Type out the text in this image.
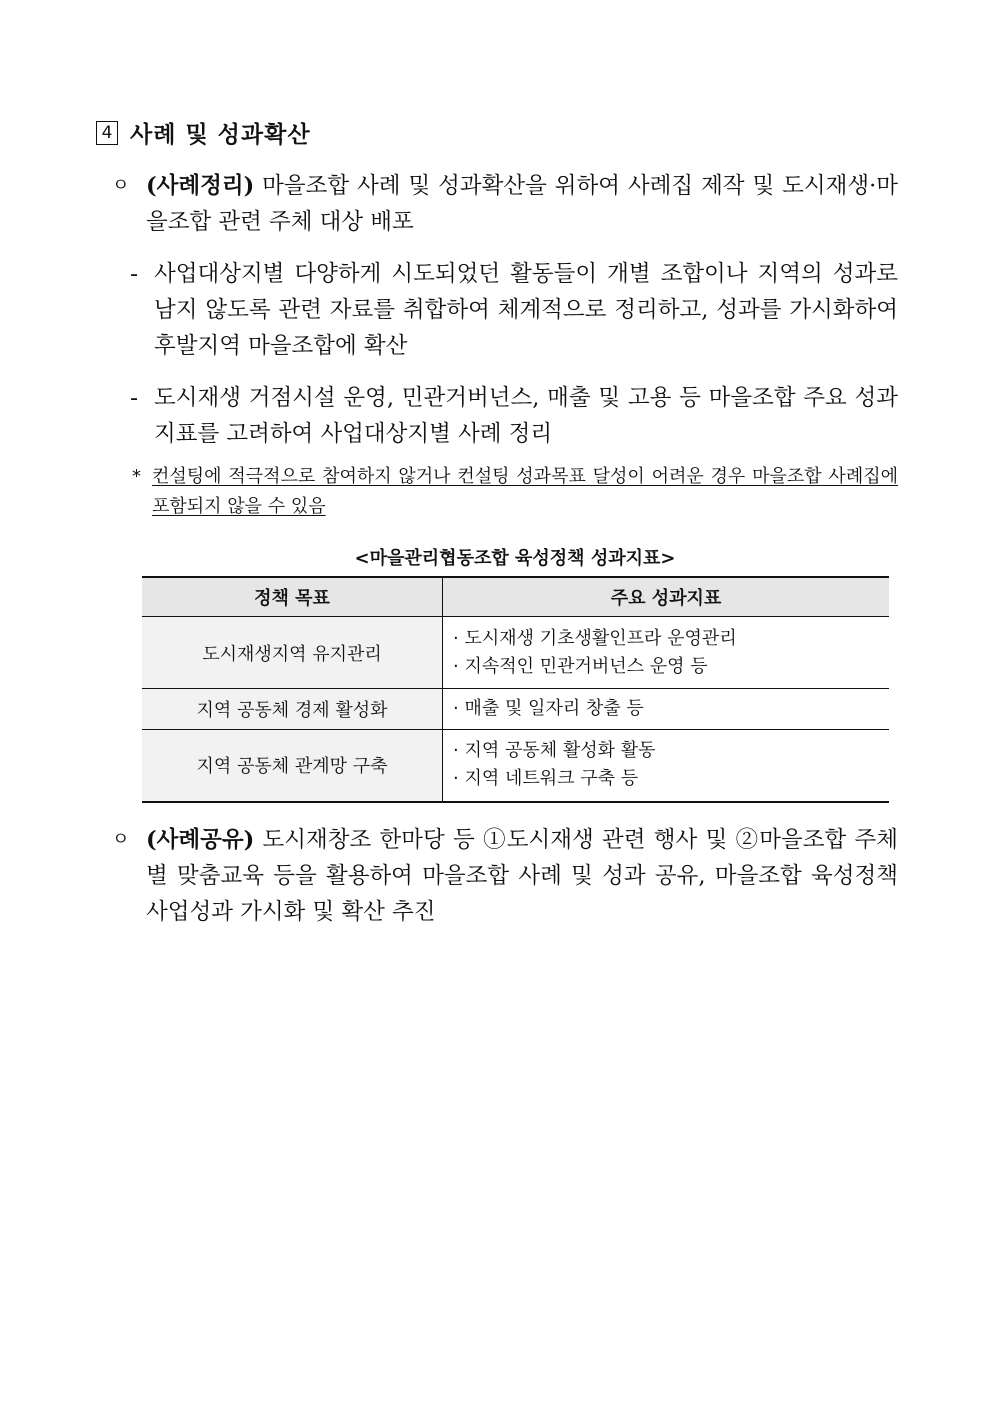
4 사례 및 성과확산
ㅇ (사례정리) 마을조합 사례 및 성과확산을 위하여 사례집 제작 및 도시재생·마을조합 관련 주체 대상 배포
- 사업대상지별 다양하게 시도되었던 활동들이 개별 조합이나 지역의 성과로 남지 않도록 관련 자료를 취합하여 체계적으로 정리하고, 성과를 가시화하여 후발지역 마을조합에 확산
- 도시재생 거점시설 운영, 민관거버넌스, 매출 및 고용 등 마을조합 주요 성과지표를 고려하여 사업대상지별 사례 정리
* 컨설팅에 적극적으로 참여하지 않거나 컨설팅 성과목표 달성이 어려운 경우 마을조합 사례집에 포함되지 않을 수 있음
<마을관리협동조합 육성정책 성과지표>
정책 목표	주요 성과지표
도시재생지역 유지관리	· 도시재생 기초생활인프라 운영관리
· 지속적인 민관거버넌스 운영 등

지역 공동체 경제 활성화	· 매출 및 일자리 창출 등

지역 공동체 관계망 구축	· 지역 공동체 활성화 활동
· 지역 네트워크 구축 등
ㅇ (사례공유) 도시재창조 한마당 등 ①도시재생 관련 행사 및 ②마을조합 주체별 맞춤교육 등을 활용하여 마을조합 사례 및 성과 공유, 마을조합 육성정책 사업성과 가시화 및 확산 추진
